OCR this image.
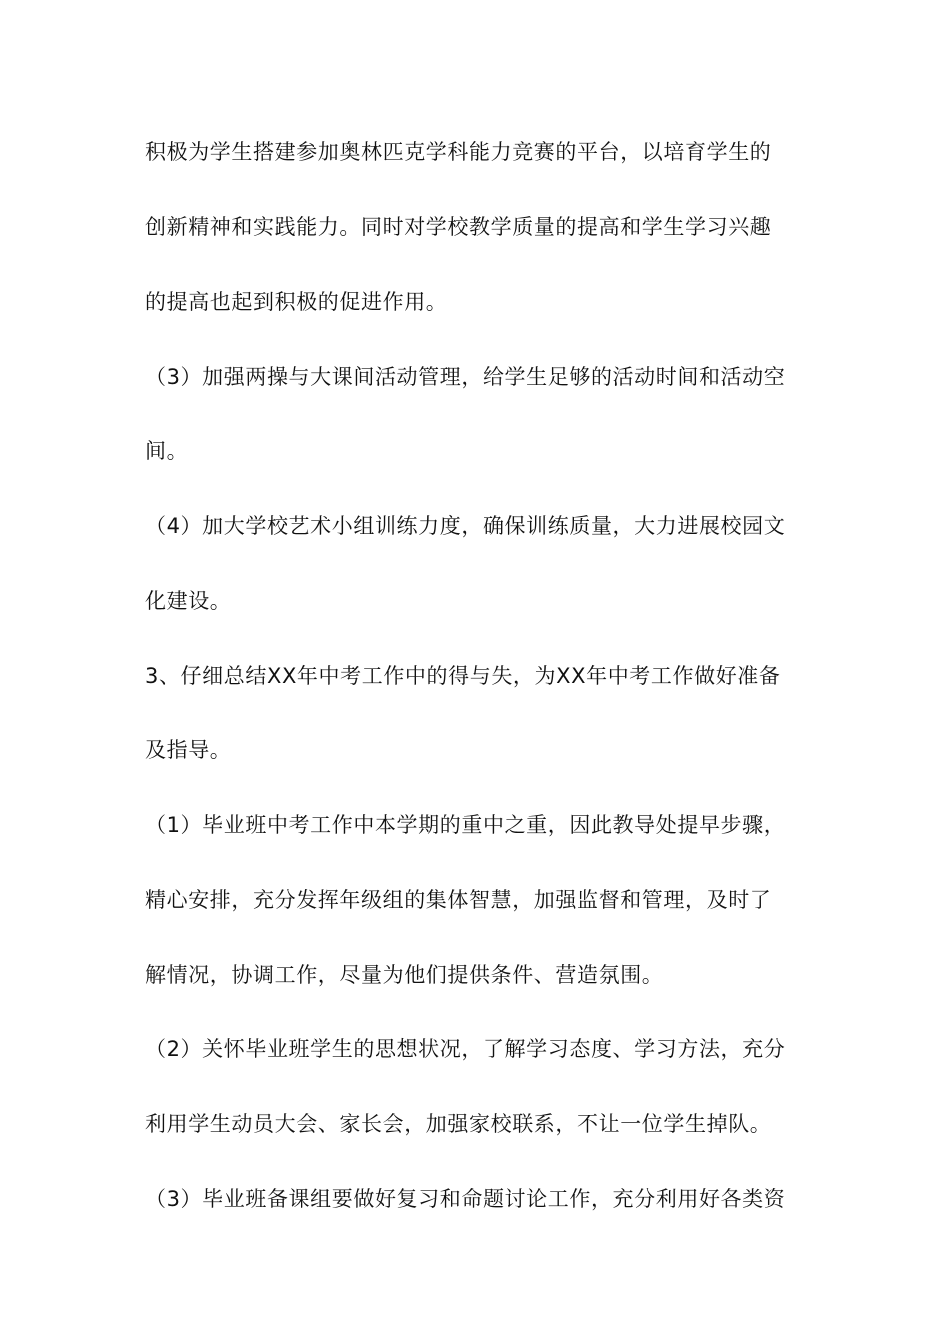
积极为学生搭建参加奥林匹克学科能力竞赛的平台，以培育学生的
创新精神和实践能力。同时对学校教学质量的提高和学生学习兴趣
的提高也起到积极的促进作用。
（3）加强两操与大课间活动管理，给学生足够的活动时间和活动空
间。
（4）加大学校艺术小组训练力度，确保训练质量，大力进展校园文
化建设。
3、仔细总结XX年中考工作中的得与失，为XX年中考工作做好准备
及指导。
（1）毕业班中考工作中本学期的重中之重，因此教导处提早步骤，
精心安排，充分发挥年级组的集体智慧，加强监督和管理，及时了
解情况，协调工作，尽量为他们提供条件、营造氛围。
（2）关怀毕业班学生的思想状况，了解学习态度、学习方法，充分
利用学生动员大会、家长会，加强家校联系，不让一位学生掉队。
（3）毕业班备课组要做好复习和命题讨论工作，充分利用好各类资
